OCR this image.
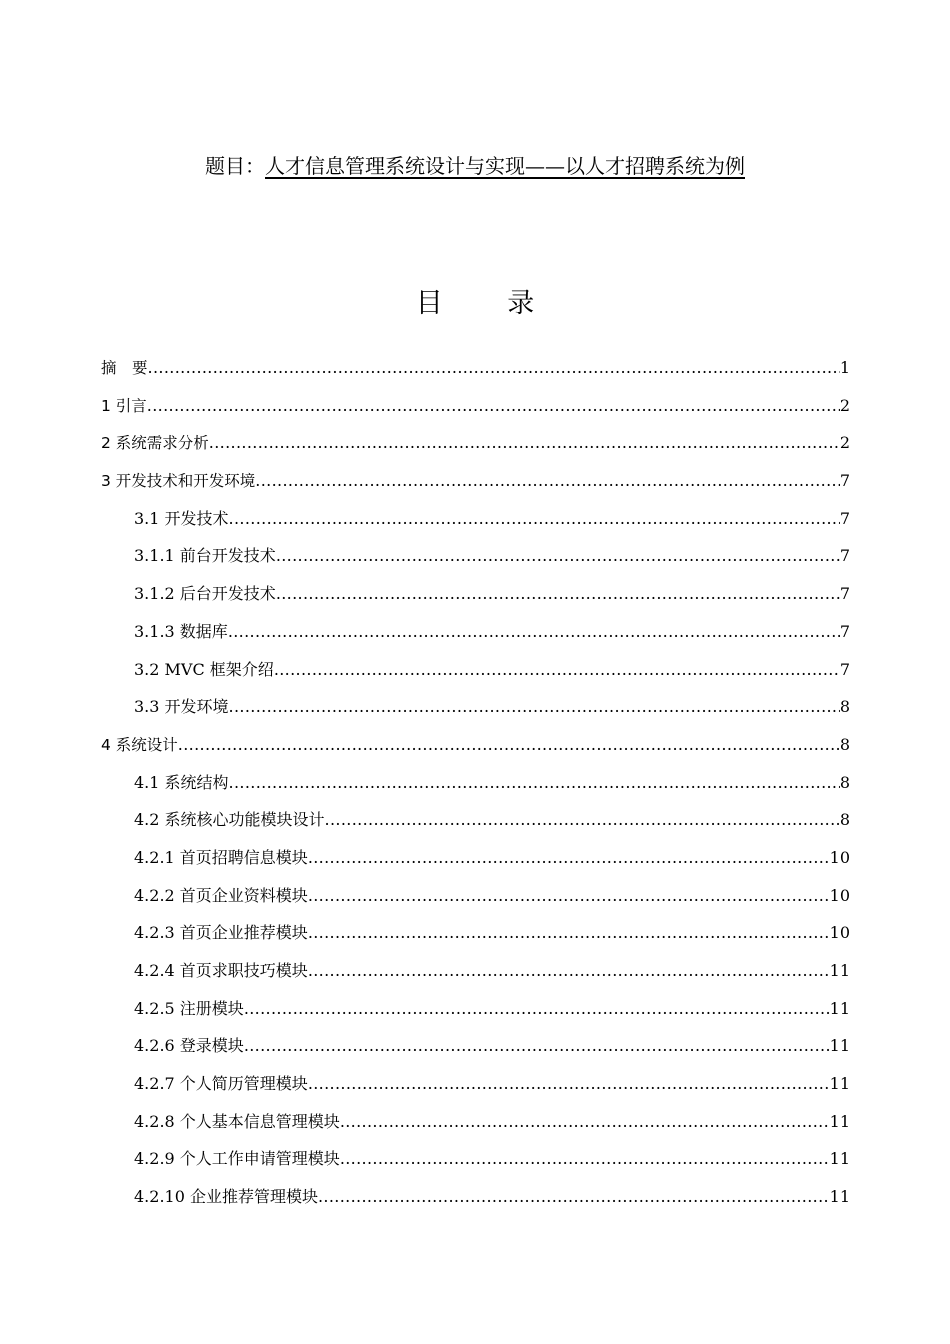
题目：人才信息管理系统设计与实现——以人才招聘系统为例
目 录
摘　要 .....	1
1 引言 .....	2
2 系统需求分析 .....	2
3 开发技术和开发环境 .....	7
3.1 开发技术 .....	7
3.1.1 前台开发技术 .....	7
3.1.2 后台开发技术 .....	7
3.1.3 数据库 .....	7
3.2 MVC 框架介绍 .....	7
3.3 开发环境 .....	8
4 系统设计 .....	8
4.1 系统结构 .....	8
4.2 系统核心功能模块设计 .....	8
4.2.1 首页招聘信息模块 .....	10
4.2.2 首页企业资料模块 .....	10
4.2.3 首页企业推荐模块 .....	10
4.2.4 首页求职技巧模块 .....	11
4.2.5 注册模块 .....	11
4.2.6 登录模块 .....	11
4.2.7 个人简历管理模块 .....	11
4.2.8 个人基本信息管理模块 .....	11
4.2.9 个人工作申请管理模块 .....	11
4.2.10 企业推荐管理模块 .....	11
